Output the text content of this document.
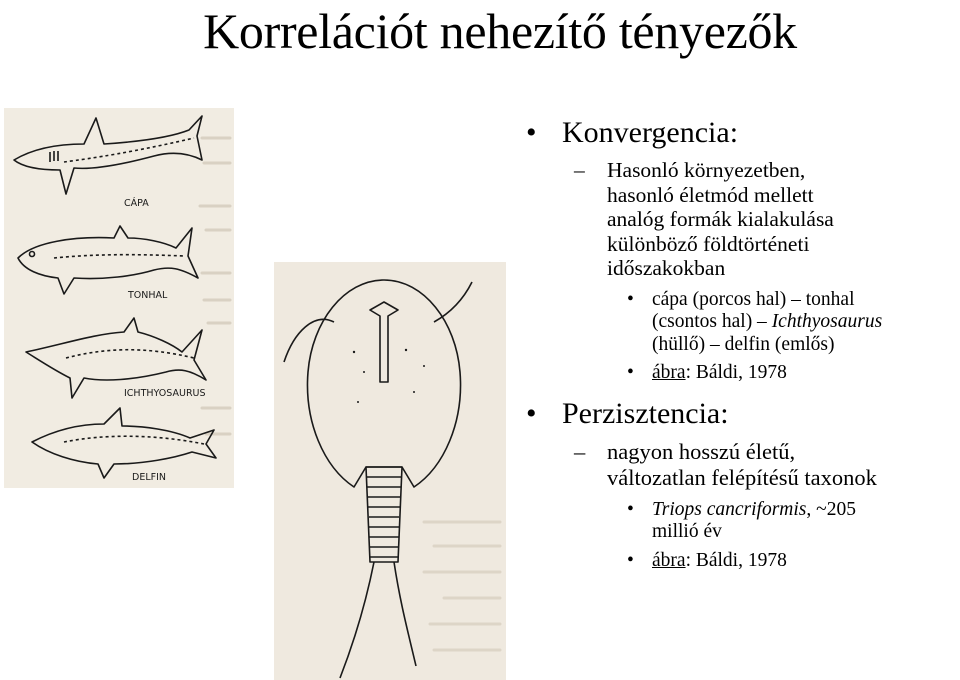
Korrelációt nehezítő tényezők
CÁPA
TONHAL
ICHTHYOSAURUS
DELFIN
• Konvergencia:
– Hasonló környezetben,
hasonló életmód mellett
analóg formák kialakulása
különböző földtörténeti
időszakokban
• cápa (porcos hal) – tonhal
(csontos hal) – Ichthyosaurus
(hüllő) – delfin (emlős)
• ábra: Báldi, 1978
• Perzisztencia:
– nagyon hosszú életű,
változatlan felépítésű taxonok
• Triops cancriformis, ~205
millió év
• ábra: Báldi, 1978
